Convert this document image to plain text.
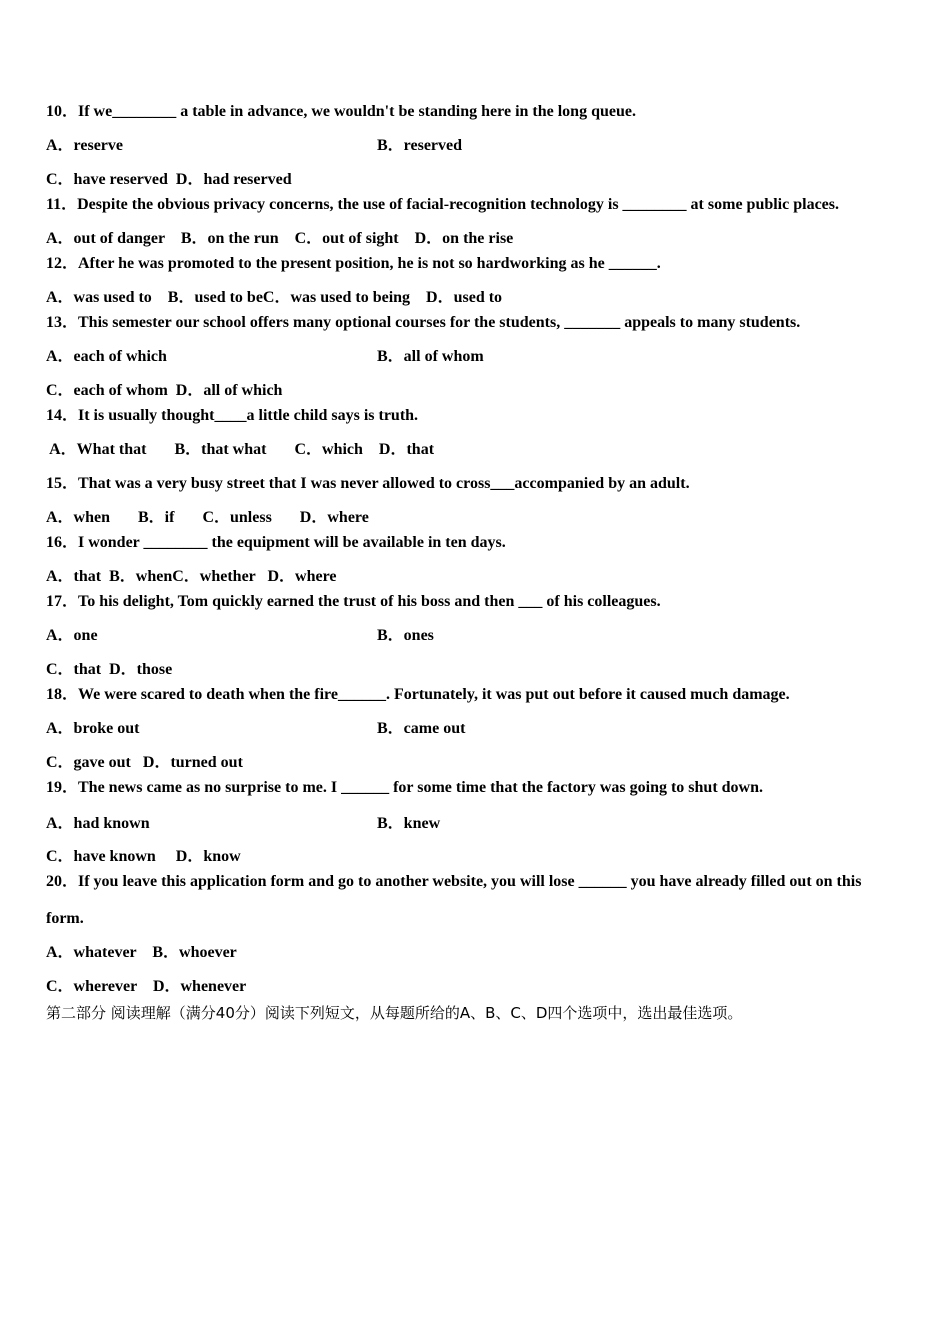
10．If we________ a table in advance, we wouldn't be standing here in the long queue.
A．reserve	B．reserved
C．have reserved  D．had reserved
11．Despite the obvious privacy concerns, the use of facial-recognition technology is ________ at some public places.
A．out of danger    B．on the run    C．out of sight    D．on the rise
12．After he was promoted to the present position, he is not so hardworking as he ______.
A．was used to    B．used to beC．was used to being    D．used to
13．This semester our school offers many optional courses for the students, _______ appeals to many students.
A．each of which	B．all of whom
C．each of whom  D．all of which
14．It is usually thought____a little child says is truth.
A．What that       B．that what       C．which    D．that
15．That was a very busy street that I was never allowed to cross___accompanied by an adult.
A．when       B．if       C．unless       D．where
16．I wonder ________ the equipment will be available in ten days.
A．that  B．whenC．whether   D．where
17．To his delight, Tom quickly earned the trust of his boss and then ___ of his colleagues.
A．one	B．ones
C．that  D．those
18．We were scared to death when the fire______. Fortunately, it was put out before it caused much damage.
A．broke out	B．came out
C．gave out   D．turned out
19．The news came as no surprise to me. I ______ for some time that the factory was going to shut down.
A．had known	B．knew
C．have known     D．know
20．If you leave this application form and go to another website, you will lose ______ you have already filled out on this
form.
A．whatever    B．whoever
C．wherever    D．whenever
第二部分 阅读理解（满分40分）阅读下列短文，从每题所给的A、B、C、D四个选项中，选出最佳选项。
